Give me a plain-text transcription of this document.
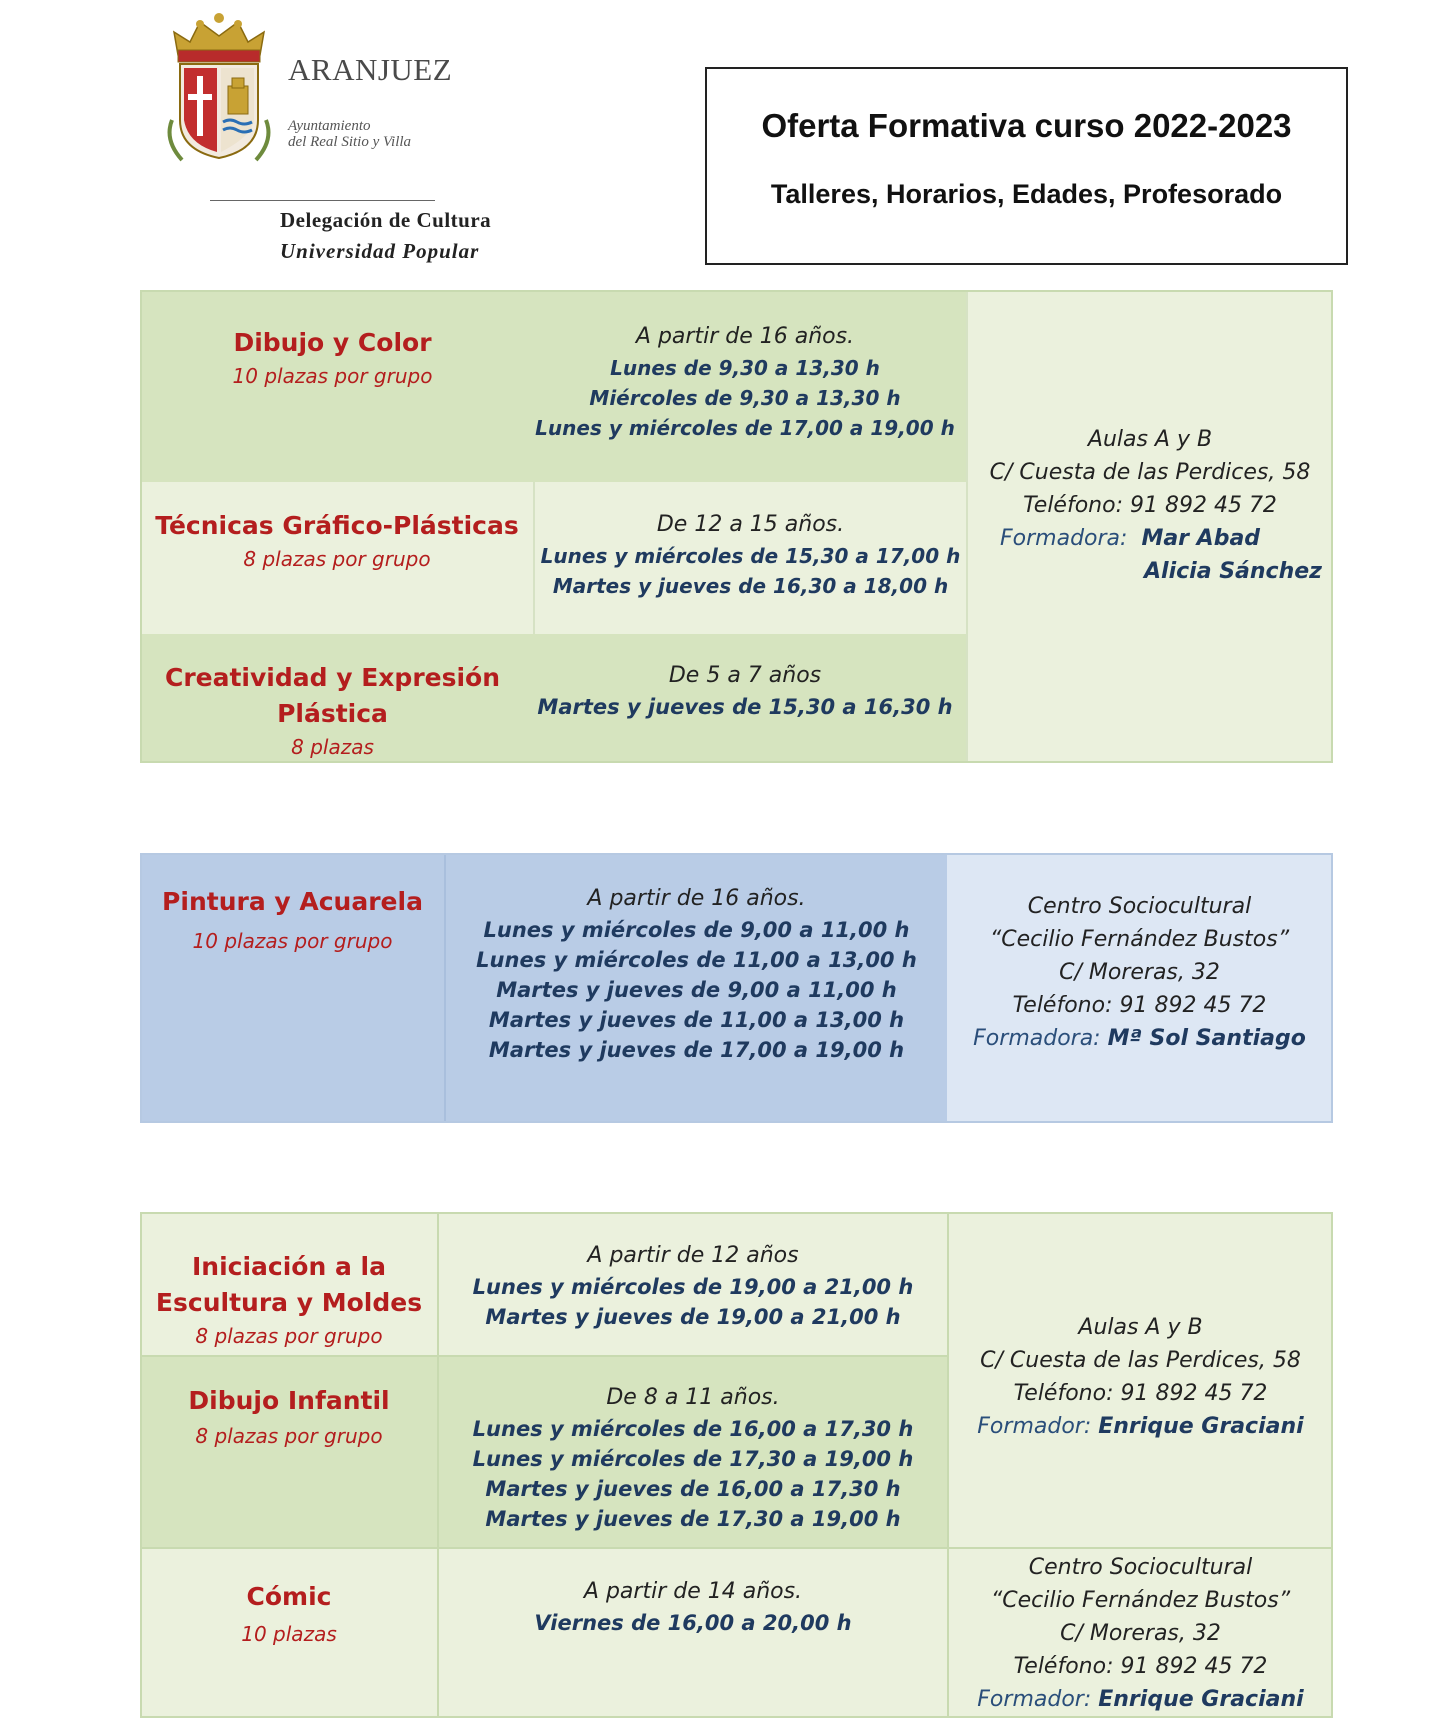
ARANJUEZ
Ayuntamiento
del Real Sitio y Villa
Delegación de Cultura
Universidad Popular
Oferta Formativa curso 2022-2023
Talleres, Horarios, Edades, Profesorado
Dibujo y Color
10 plazas por grupo
A partir de 16 años.
Lunes de 9,30 a 13,30 h
Miércoles de 9,30 a 13,30 h
Lunes y miércoles de 17,00 a 19,00 h
Técnicas Gráfico-Plásticas
8 plazas por grupo
De 12 a 15 años.
Lunes y miércoles de 15,30 a 17,00 h
Martes y jueves de 16,30 a 18,00 h
Creatividad y Expresión
Plástica
8 plazas
De 5 a 7 años
Martes y jueves de 15,30 a 16,30 h
Aulas A y B
C/ Cuesta de las Perdices, 58
Teléfono: 91 892 45 72
Formadora: Mar Abad
Alicia Sánchez
Pintura y Acuarela
10 plazas por grupo
A partir de 16 años.
Lunes y miércoles de 9,00 a 11,00 h
Lunes y miércoles de 11,00 a 13,00 h
Martes y jueves de 9,00 a 11,00 h
Martes y jueves de 11,00 a 13,00 h
Martes y jueves de 17,00 a 19,00 h
Centro Sociocultural
“Cecilio Fernández Bustos”
C/ Moreras, 32
Teléfono: 91 892 45 72
Formadora: Mª Sol Santiago
Iniciación a la
Escultura y Moldes
8 plazas por grupo
A partir de 12 años
Lunes y miércoles de 19,00 a 21,00 h
Martes y jueves de 19,00 a 21,00 h
Dibujo Infantil
8 plazas por grupo
De 8 a 11 años.
Lunes y miércoles de 16,00 a 17,30 h
Lunes y miércoles de 17,30 a 19,00 h
Martes y jueves de 16,00 a 17,30 h
Martes y jueves de 17,30 a 19,00 h
Cómic
10 plazas
A partir de 14 años.
Viernes de 16,00 a 20,00 h
Aulas A y B
C/ Cuesta de las Perdices, 58
Teléfono: 91 892 45 72
Formador: Enrique Graciani
Centro Sociocultural
“Cecilio Fernández Bustos”
C/ Moreras, 32
Teléfono: 91 892 45 72
Formador: Enrique Graciani
